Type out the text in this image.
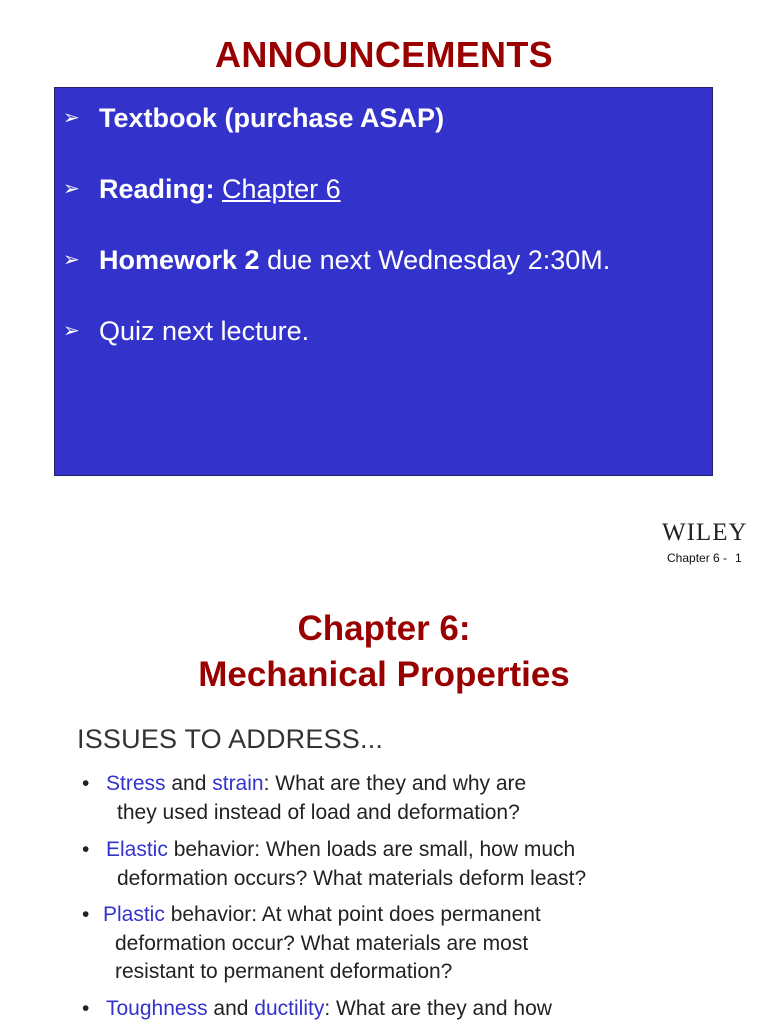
ANNOUNCEMENTS
➢ Textbook (purchase ASAP)
➢ Reading: Chapter 6
➢ Homework 2 due next Wednesday 2:30M.
➢ Quiz next lecture.
WILEY
Chapter 6 - 1
Chapter 6:
Mechanical Properties
ISSUES TO ADDRESS...
• Stress and strain: What are they and why are
they used instead of load and deformation?
• Elastic behavior: When loads are small, how much
deformation occurs? What materials deform least?
• Plastic behavior: At what point does permanent
deformation occur? What materials are most
resistant to permanent deformation?
• Toughness and ductility: What are they and how
